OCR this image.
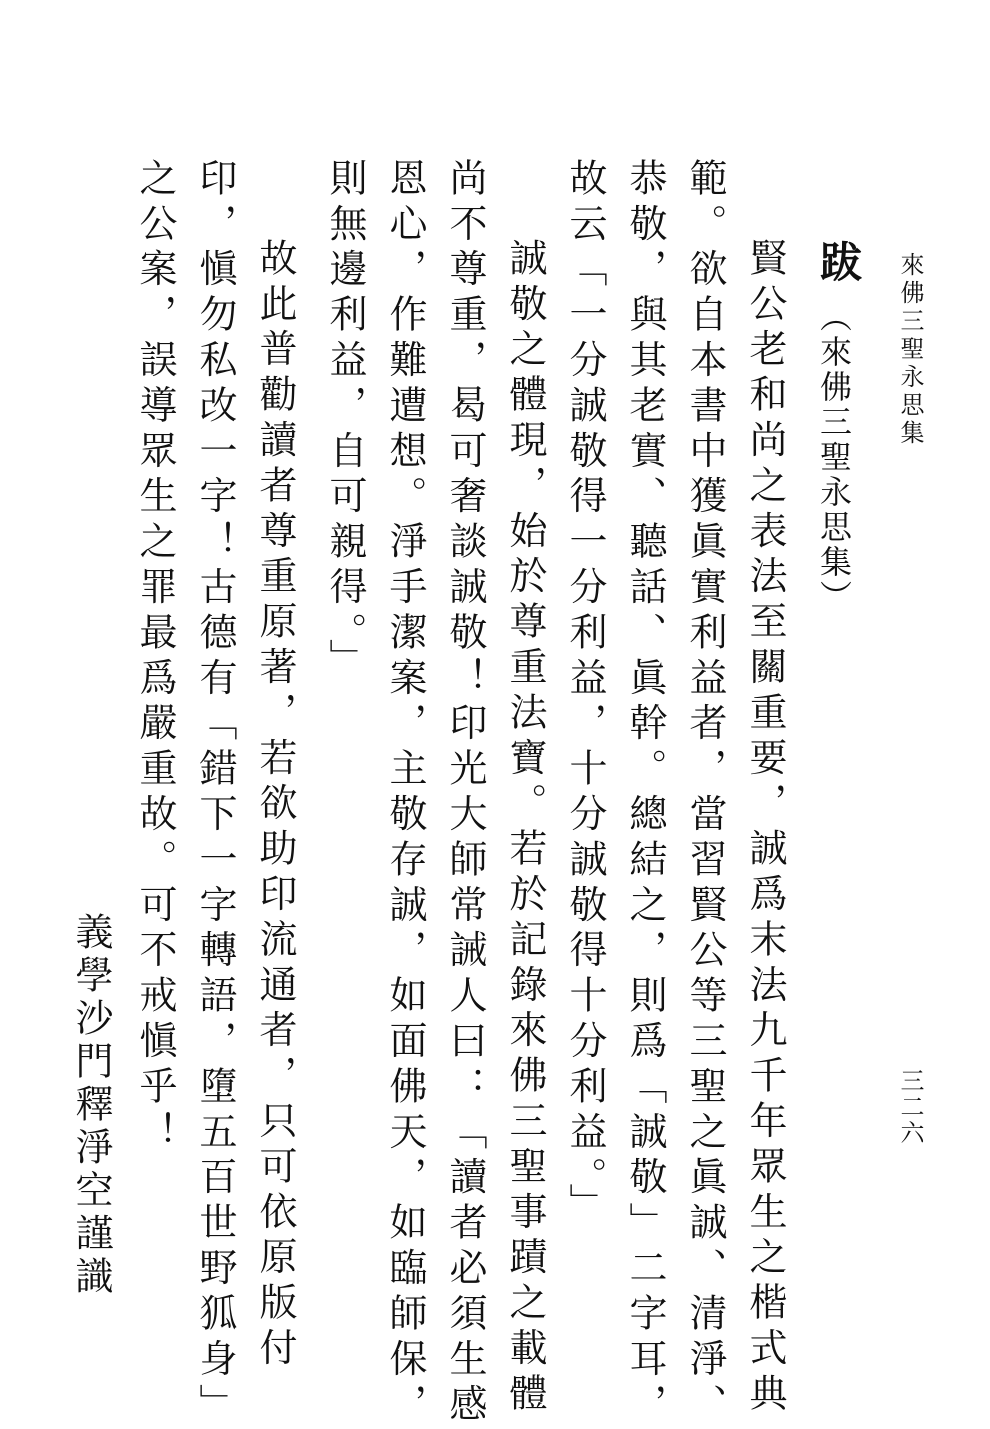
來佛三聖永思集
三二六
跋
（來佛三聖永思集）
賢公老和尚之表法至關重要，誠爲末法九千年眾生之楷式典
範。欲自本書中獲眞實利益者，當習賢公等三聖之眞誠、清淨、
恭敬，與其老實、聽話、眞幹。總結之，則爲「誠敬」二字耳，
故云「一分誠敬得一分利益，十分誠敬得十分利益。」
誠敬之體現，始於尊重法寶。若於記錄來佛三聖事蹟之載體
尚不尊重，曷可奢談誠敬！印光大師常誡人曰：「讀者必須生感
恩心，作難遭想。淨手潔案，主敬存誠，如面佛天，如臨師保，
則無邊利益，自可親得。」
故此普勸讀者尊重原著，若欲助印流通者，只可依原版付
印，愼勿私改一字！古德有「錯下一字轉語，墮五百世野狐身」
之公案，誤導眾生之罪最爲嚴重故。可不戒愼乎！
義學沙門釋淨空謹識
